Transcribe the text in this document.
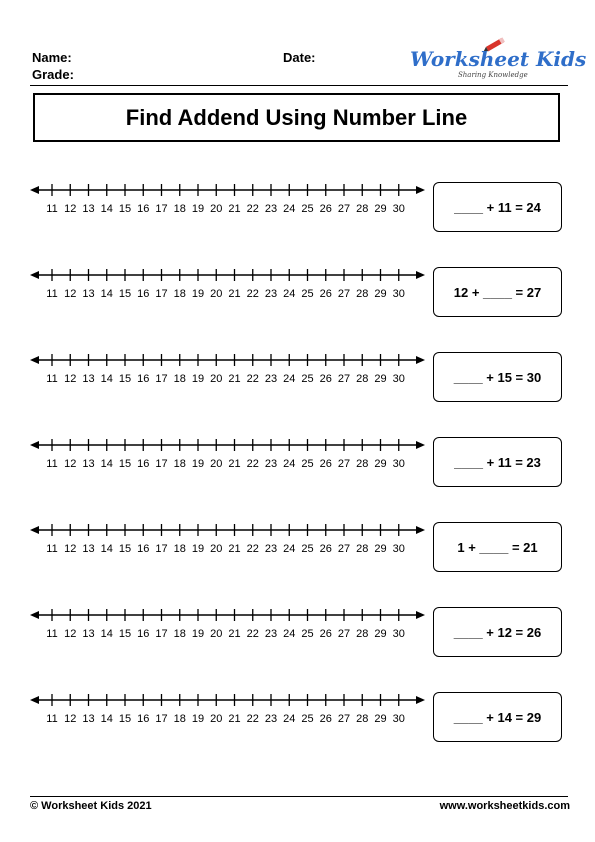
Name:
Grade:
Date:	Worksheet Kids
Sharing Knowledge
Find Addend Using Number Line
11 12 13 14 15 16 17 18 19 20 21 22 23 24 25 26 27 28 29 30	____ + 11 = 24
11 12 13 14 15 16 17 18 19 20 21 22 23 24 25 26 27 28 29 30	12 + ____ = 27
11 12 13 14 15 16 17 18 19 20 21 22 23 24 25 26 27 28 29 30	____ + 15 = 30
11 12 13 14 15 16 17 18 19 20 21 22 23 24 25 26 27 28 29 30	____ + 11 = 23
11 12 13 14 15 16 17 18 19 20 21 22 23 24 25 26 27 28 29 30	1 + ____ = 21
11 12 13 14 15 16 17 18 19 20 21 22 23 24 25 26 27 28 29 30	____ + 12 = 26
11 12 13 14 15 16 17 18 19 20 21 22 23 24 25 26 27 28 29 30	____ + 14 = 29
© Worksheet Kids 2021	www.worksheetkids.com
